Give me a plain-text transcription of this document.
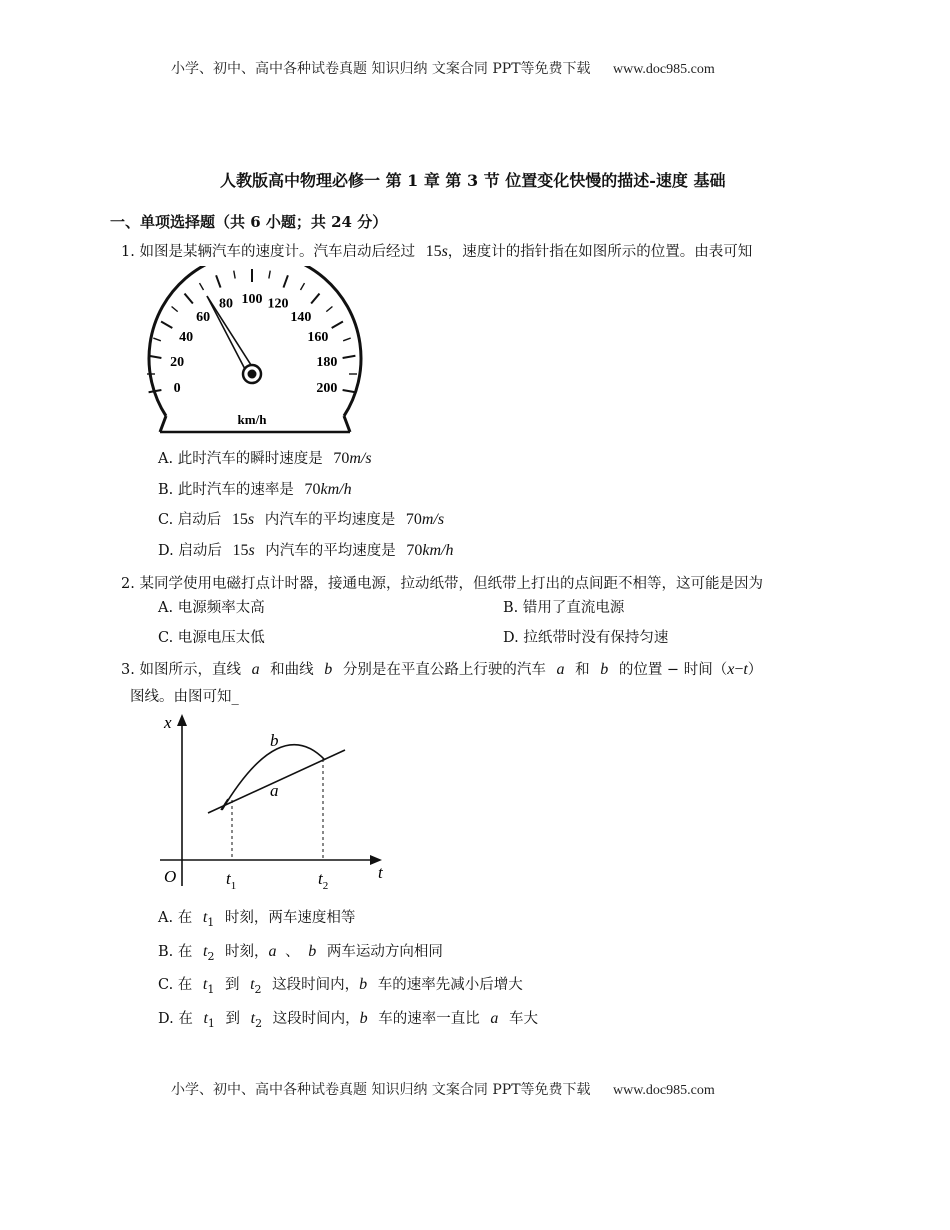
小学、初中、高中各种试卷真题 知识归纳 文案合同 PPT等免费下载 www.doc985.com
人教版高中物理必修一 第 1 章 第 3 节 位置变化快慢的描述-速度 基础
一、单项选择题（共 6 小题；共 24 分）
1. 如图是某辆汽车的速度计。汽车启动后经过 15s，速度计的指针指在如图所示的位置。由表可知
0
20
40
60
80 100 120
140
160
180
200
km/h
A. 此时汽车的瞬时速度是 70m/s
B. 此时汽车的速率是 70km/h
C. 启动后 15s 内汽车的平均速度是 70m/s
D. 启动后 15s 内汽车的平均速度是 70km/h
2. 某同学使用电磁打点计时器，接通电源，拉动纸带，但纸带上打出的点间距不相等，这可能是因为
A. 电源频率太高	B. 错用了直流电源
C. 电源电压太低	D. 拉纸带时没有保持匀速
3. 如图所示，直线 a 和曲线 b 分别是在平直公路上行驶的汽车 a 和 b 的位置 − 时间（x−t）
图线。由图可知_
x
t
O
b
a
$t_1$	$t_2$
A. 在 $t_1$ 时刻，两车速度相等
B. 在 $t_2$ 时刻，a 、 b 两车运动方向相同
C. 在 $t_1$ 到 $t_2$ 这段时间内，b 车的速率先减小后增大
D. 在 $t_1$ 到 $t_2$ 这段时间内，b 车的速率一直比 a 车大
小学、初中、高中各种试卷真题 知识归纳 文案合同 PPT等免费下载 www.doc985.com
